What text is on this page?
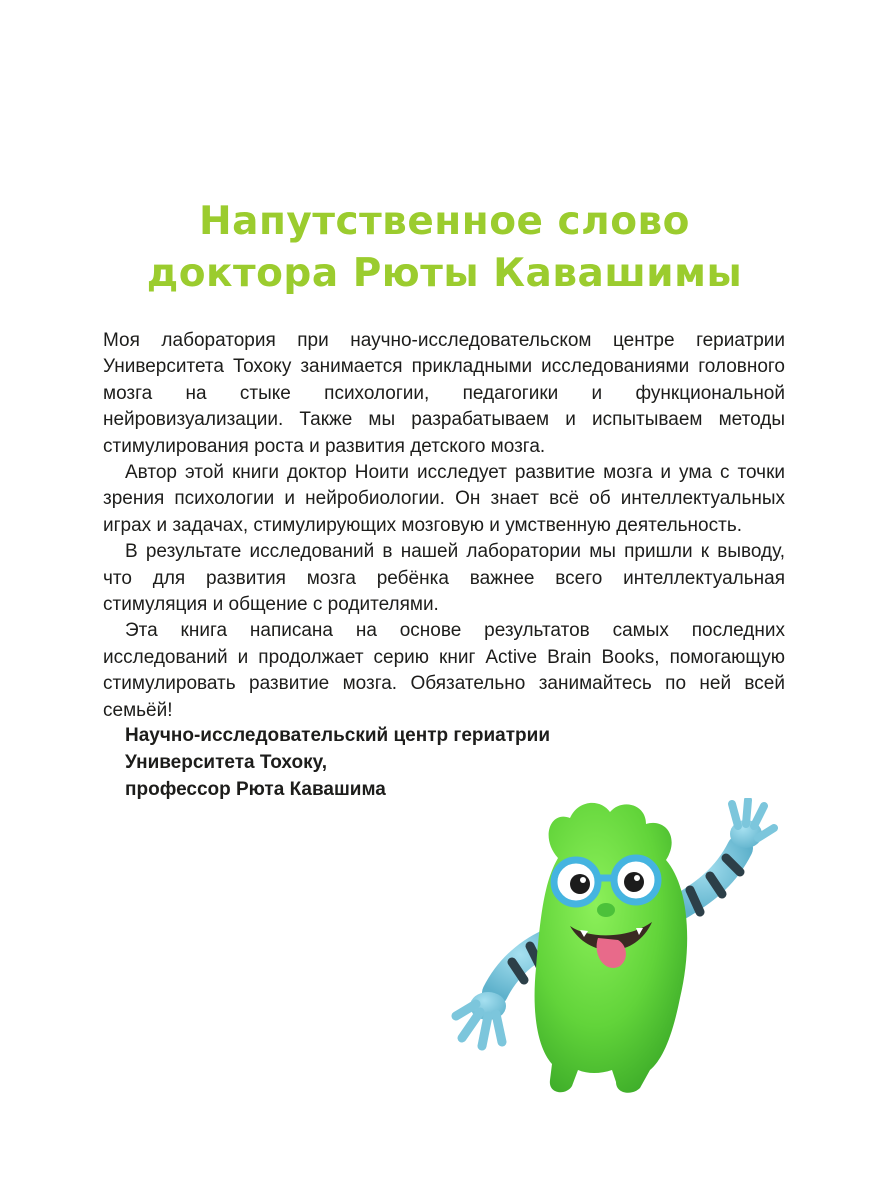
Напутственное слово
доктора Рюты Кавашимы

Моя лаборатория при научно-исследовательском центре гериатрии Университета Тохоку занимается прикладными исследованиями головного мозга на стыке психологии, педагогики и функциональной нейровизуализации. Также мы разрабатываем и испытываем методы стимулирования роста и развития детского мозга.

Автор этой книги доктор Ноити исследует развитие мозга и ума с точки зрения психологии и нейробиологии. Он знает всё об интеллектуальных играх и задачах, стимулирующих мозговую и умственную деятельность.

В результате исследований в нашей лаборатории мы пришли к выводу, что для развития мозга ребёнка важнее всего интеллектуальная стимуляция и общение с родителями.

Эта книга написана на основе результатов самых последних исследований и продолжает серию книг Active Brain Books, помогающую стимулировать развитие мозга. Обязательно занимайтесь по ней всей семьёй!

Научно-исследовательский центр гериатрии
Университета Тохоку,
профессор Рюта Кавашима
